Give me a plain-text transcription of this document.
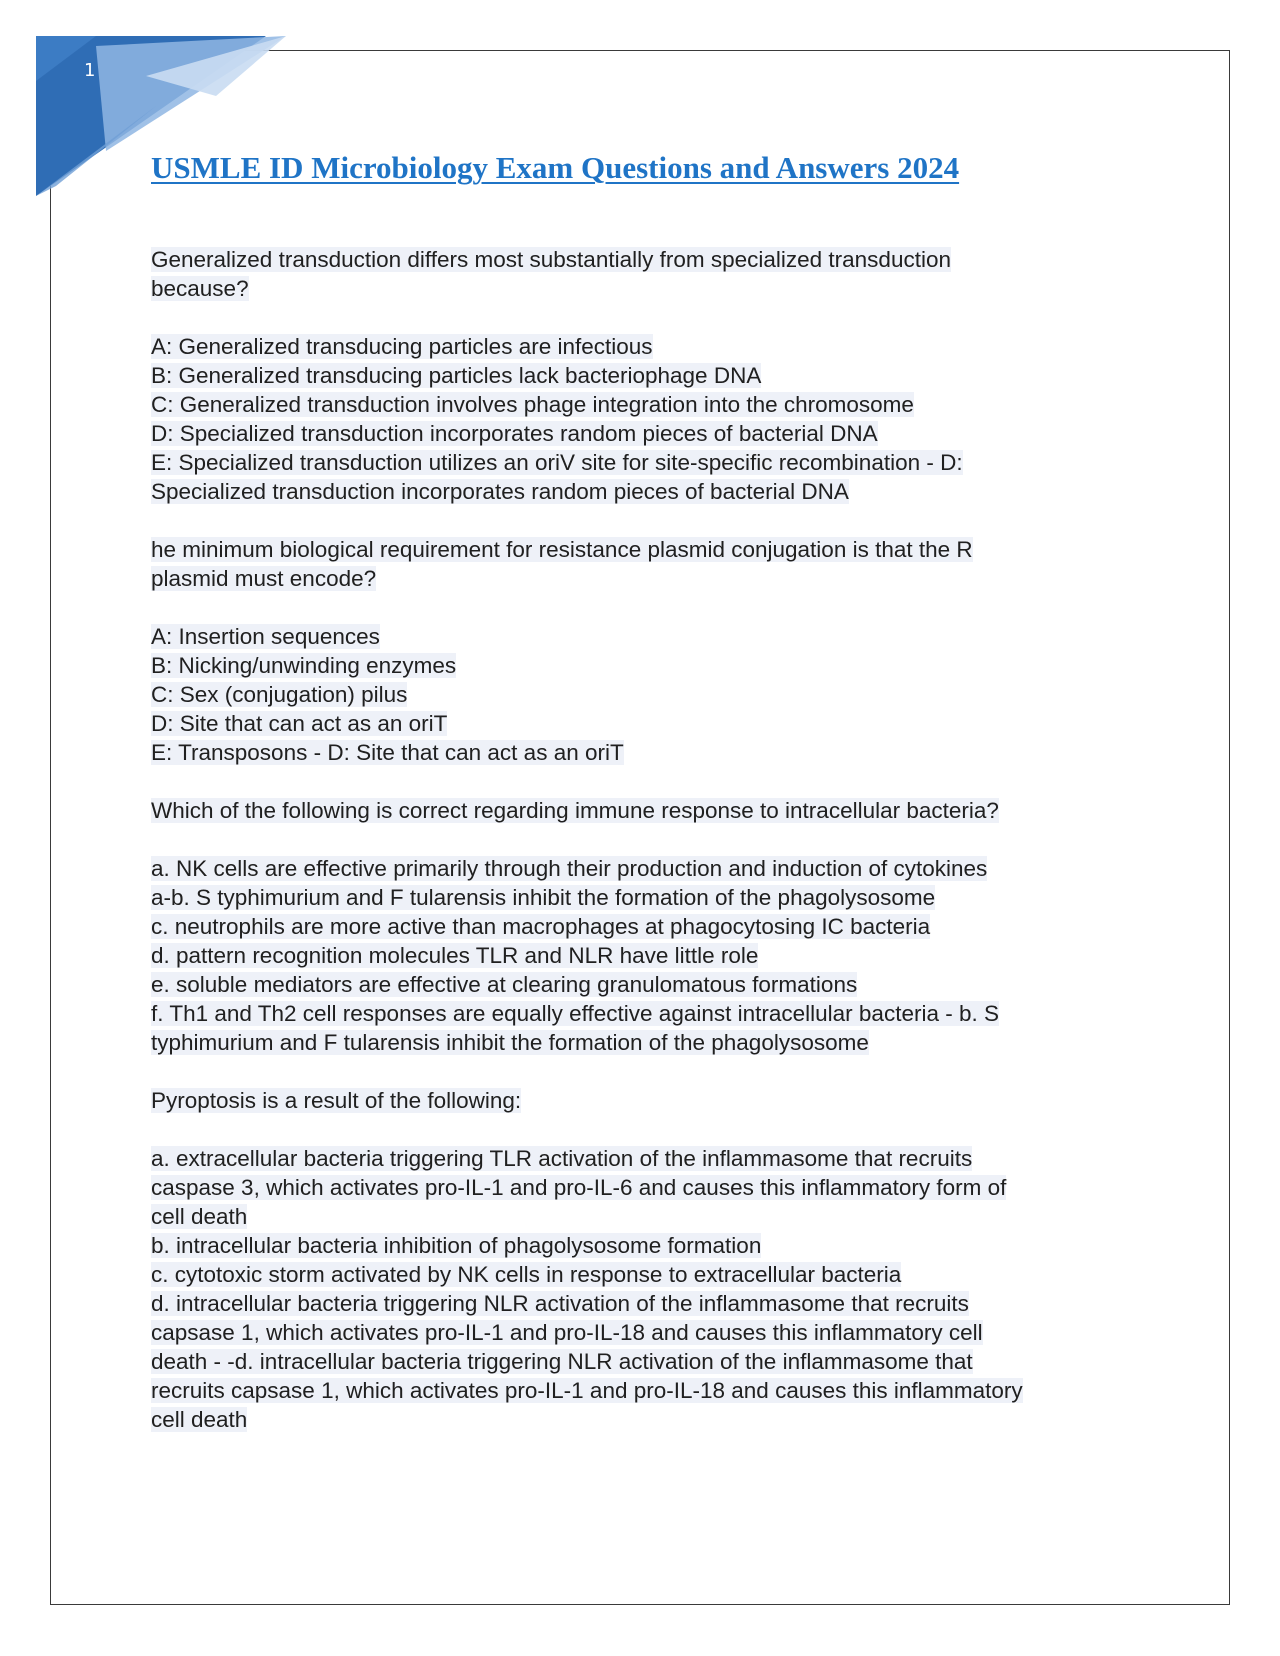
1
USMLE ID Microbiology Exam Questions and Answers 2024
Generalized transduction differs most substantially from specialized transduction
because?
A: Generalized transducing particles are infectious
B: Generalized transducing particles lack bacteriophage DNA
C: Generalized transduction involves phage integration into the chromosome
D: Specialized transduction incorporates random pieces of bacterial DNA
E: Specialized transduction utilizes an oriV site for site-specific recombination - D:
Specialized transduction incorporates random pieces of bacterial DNA
he minimum biological requirement for resistance plasmid conjugation is that the R
plasmid must encode?
A: Insertion sequences
B: Nicking/unwinding enzymes
C: Sex (conjugation) pilus
D: Site that can act as an oriT
E: Transposons - D: Site that can act as an oriT
Which of the following is correct regarding immune response to intracellular bacteria?
a. NK cells are effective primarily through their production and induction of cytokines
a-b. S typhimurium and F tularensis inhibit the formation of the phagolysosome
c. neutrophils are more active than macrophages at phagocytosing IC bacteria
d. pattern recognition molecules TLR and NLR have little role
e. soluble mediators are effective at clearing granulomatous formations
f. Th1 and Th2 cell responses are equally effective against intracellular bacteria - b. S
typhimurium and F tularensis inhibit the formation of the phagolysosome
Pyroptosis is a result of the following:
a. extracellular bacteria triggering TLR activation of the inflammasome that recruits
caspase 3, which activates pro-IL-1 and pro-IL-6 and causes this inflammatory form of
cell death
b. intracellular bacteria inhibition of phagolysosome formation
c. cytotoxic storm activated by NK cells in response to extracellular bacteria
d. intracellular bacteria triggering NLR activation of the inflammasome that recruits
capsase 1, which activates pro-IL-1 and pro-IL-18 and causes this inflammatory cell
death - -d. intracellular bacteria triggering NLR activation of the inflammasome that
recruits capsase 1, which activates pro-IL-1 and pro-IL-18 and causes this inflammatory
cell death
